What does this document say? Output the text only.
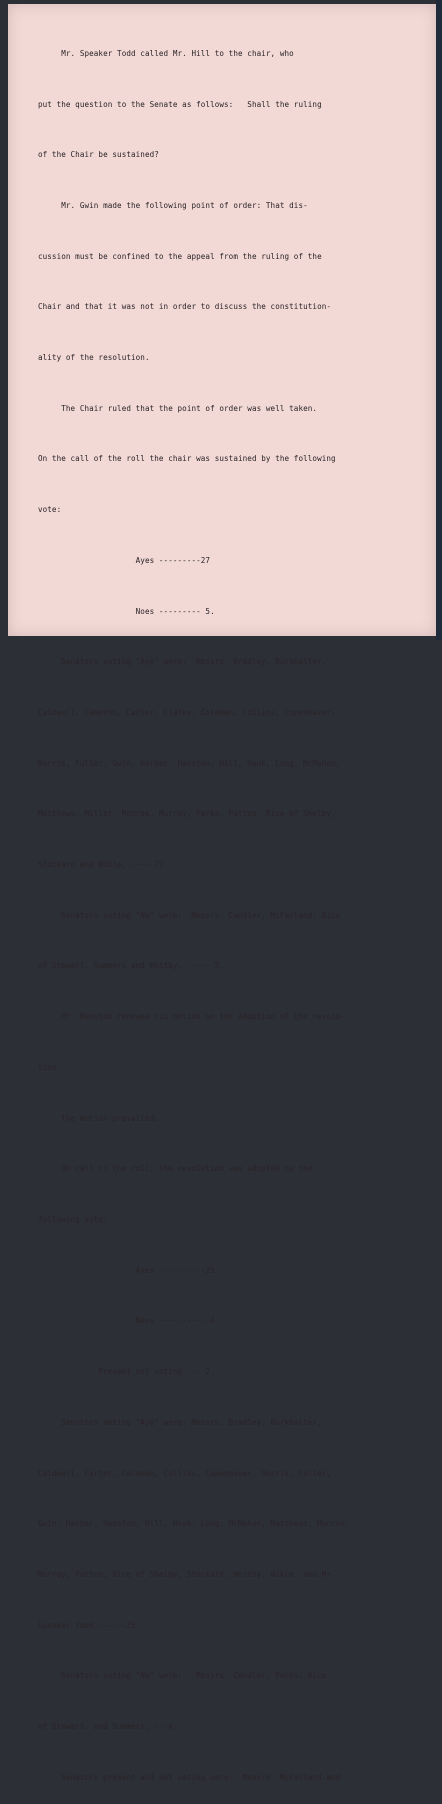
Mr. Speaker Todd called Mr. Hill to the chair, who

put the question to the Senate as follows:   Shall the ruling

of the Chair be sustained?

Mr. Gwin made the following point of order: That dis-

cussion must be confined to the appeal from the ruling of the

Chair and that it was not in order to discuss the constitution-

ality of the resolution.

The Chair ruled that the point of order was well taken.

On the call of the roll the chair was sustained by the following

vote:

Ayes ---------27

Noes --------- 5.

Senators voting "Aye" were:  Messrs. Bradley, Burkhalter,

Caldwell, Cameron, Carter, Clarke, Coleman, Collins, Copenhaver,

Dorris, Fuller, Gwin, Harber, Hanston, Hill, Houk, Long, McMahon,

Matthews, Miller, Monroe, Murray, Parks, Patton, Rice of Shelby,

Stockard and Wikle, -----27.

Senators voting "No" were:  Messrs. Candler, McFarland, Rice

of Stewart, Summers and Whitby, ----- 5.

Mr. Hanston renewed his motion on the adoption of the resolu-

tion.

The motion prevailed.

On call of the roll, the resolution was adopted by the

following vote:

Ayes ----------25

Noes ---------- 4.

Present not voting --- 2.

Senators voting "Aye" were: Messrs. Bradley, Burkhalter,

Caldwell, Carter, Coleman, Collins, Copenhaver, Dorris, Fuller,

Gwin, Harber, Hanston, Hill, Houk, Long, McMahon, Matthews, Monroe,

Murray, Patton, Rice of Shelby, Stockard, Whitby, Wikle, and Mr.

Speaker Todd,------25.

Senators voting "No" were:   Messrs. Candler, Parks, Rice

of Stewart, and Summers, ---4.

Senators present and not voting were:  Messrs. McFarland and
